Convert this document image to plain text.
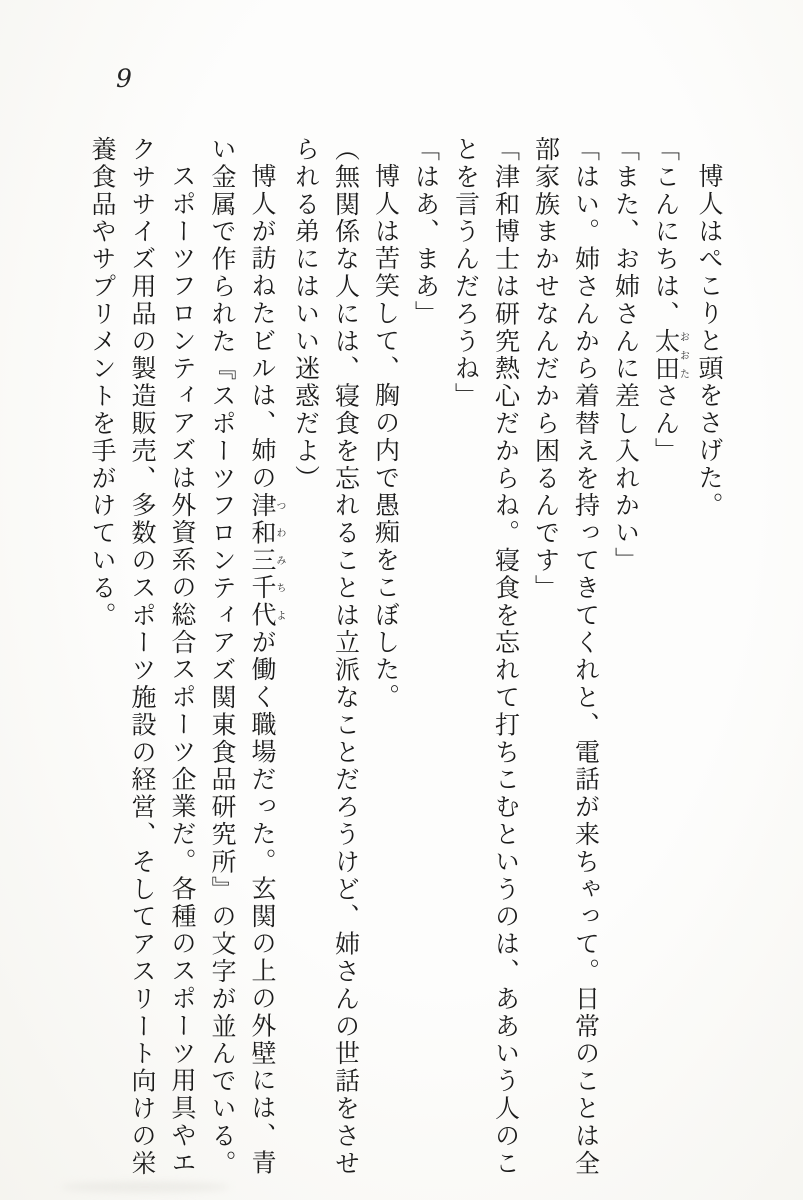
9

博人はぺこりと頭をさげた。

「こんにちは、太田 おおたさん」

「また、お姉さんに差し入れかい」

「はい。姉さんから着替えを持ってきてくれと、電話が来ちゃって。日常のことは全部家族まかせなんだから困るんです」

「津和博士は研究熱心だからね。寝食を忘れて打ちこむというのは、ああいう人のことを言うんだろうね」

「はあ、まあ」

博人は苦笑して、胸の内で愚痴をこぼした。

（無関係な人には、寝食を忘れることは立派なことだろうけど、姉さんの世話をさせられる弟にはいい迷惑だよ）

博人が訪ねたビルは、姉の津和三千代 つわみちよが働く職場だった。玄関の上の外壁には、青い金属で作られた『スポーツフロンティアズ関東食品研究所』の文字が並んでいる。

スポーツフロンティアズは外資系の総合スポーツ企業だ。各種のスポーツ用具やエクササイズ用品の製造販売、多数のスポーツ施設の経営、そしてアスリート向けの栄養食品やサプリメントを手がけている。
